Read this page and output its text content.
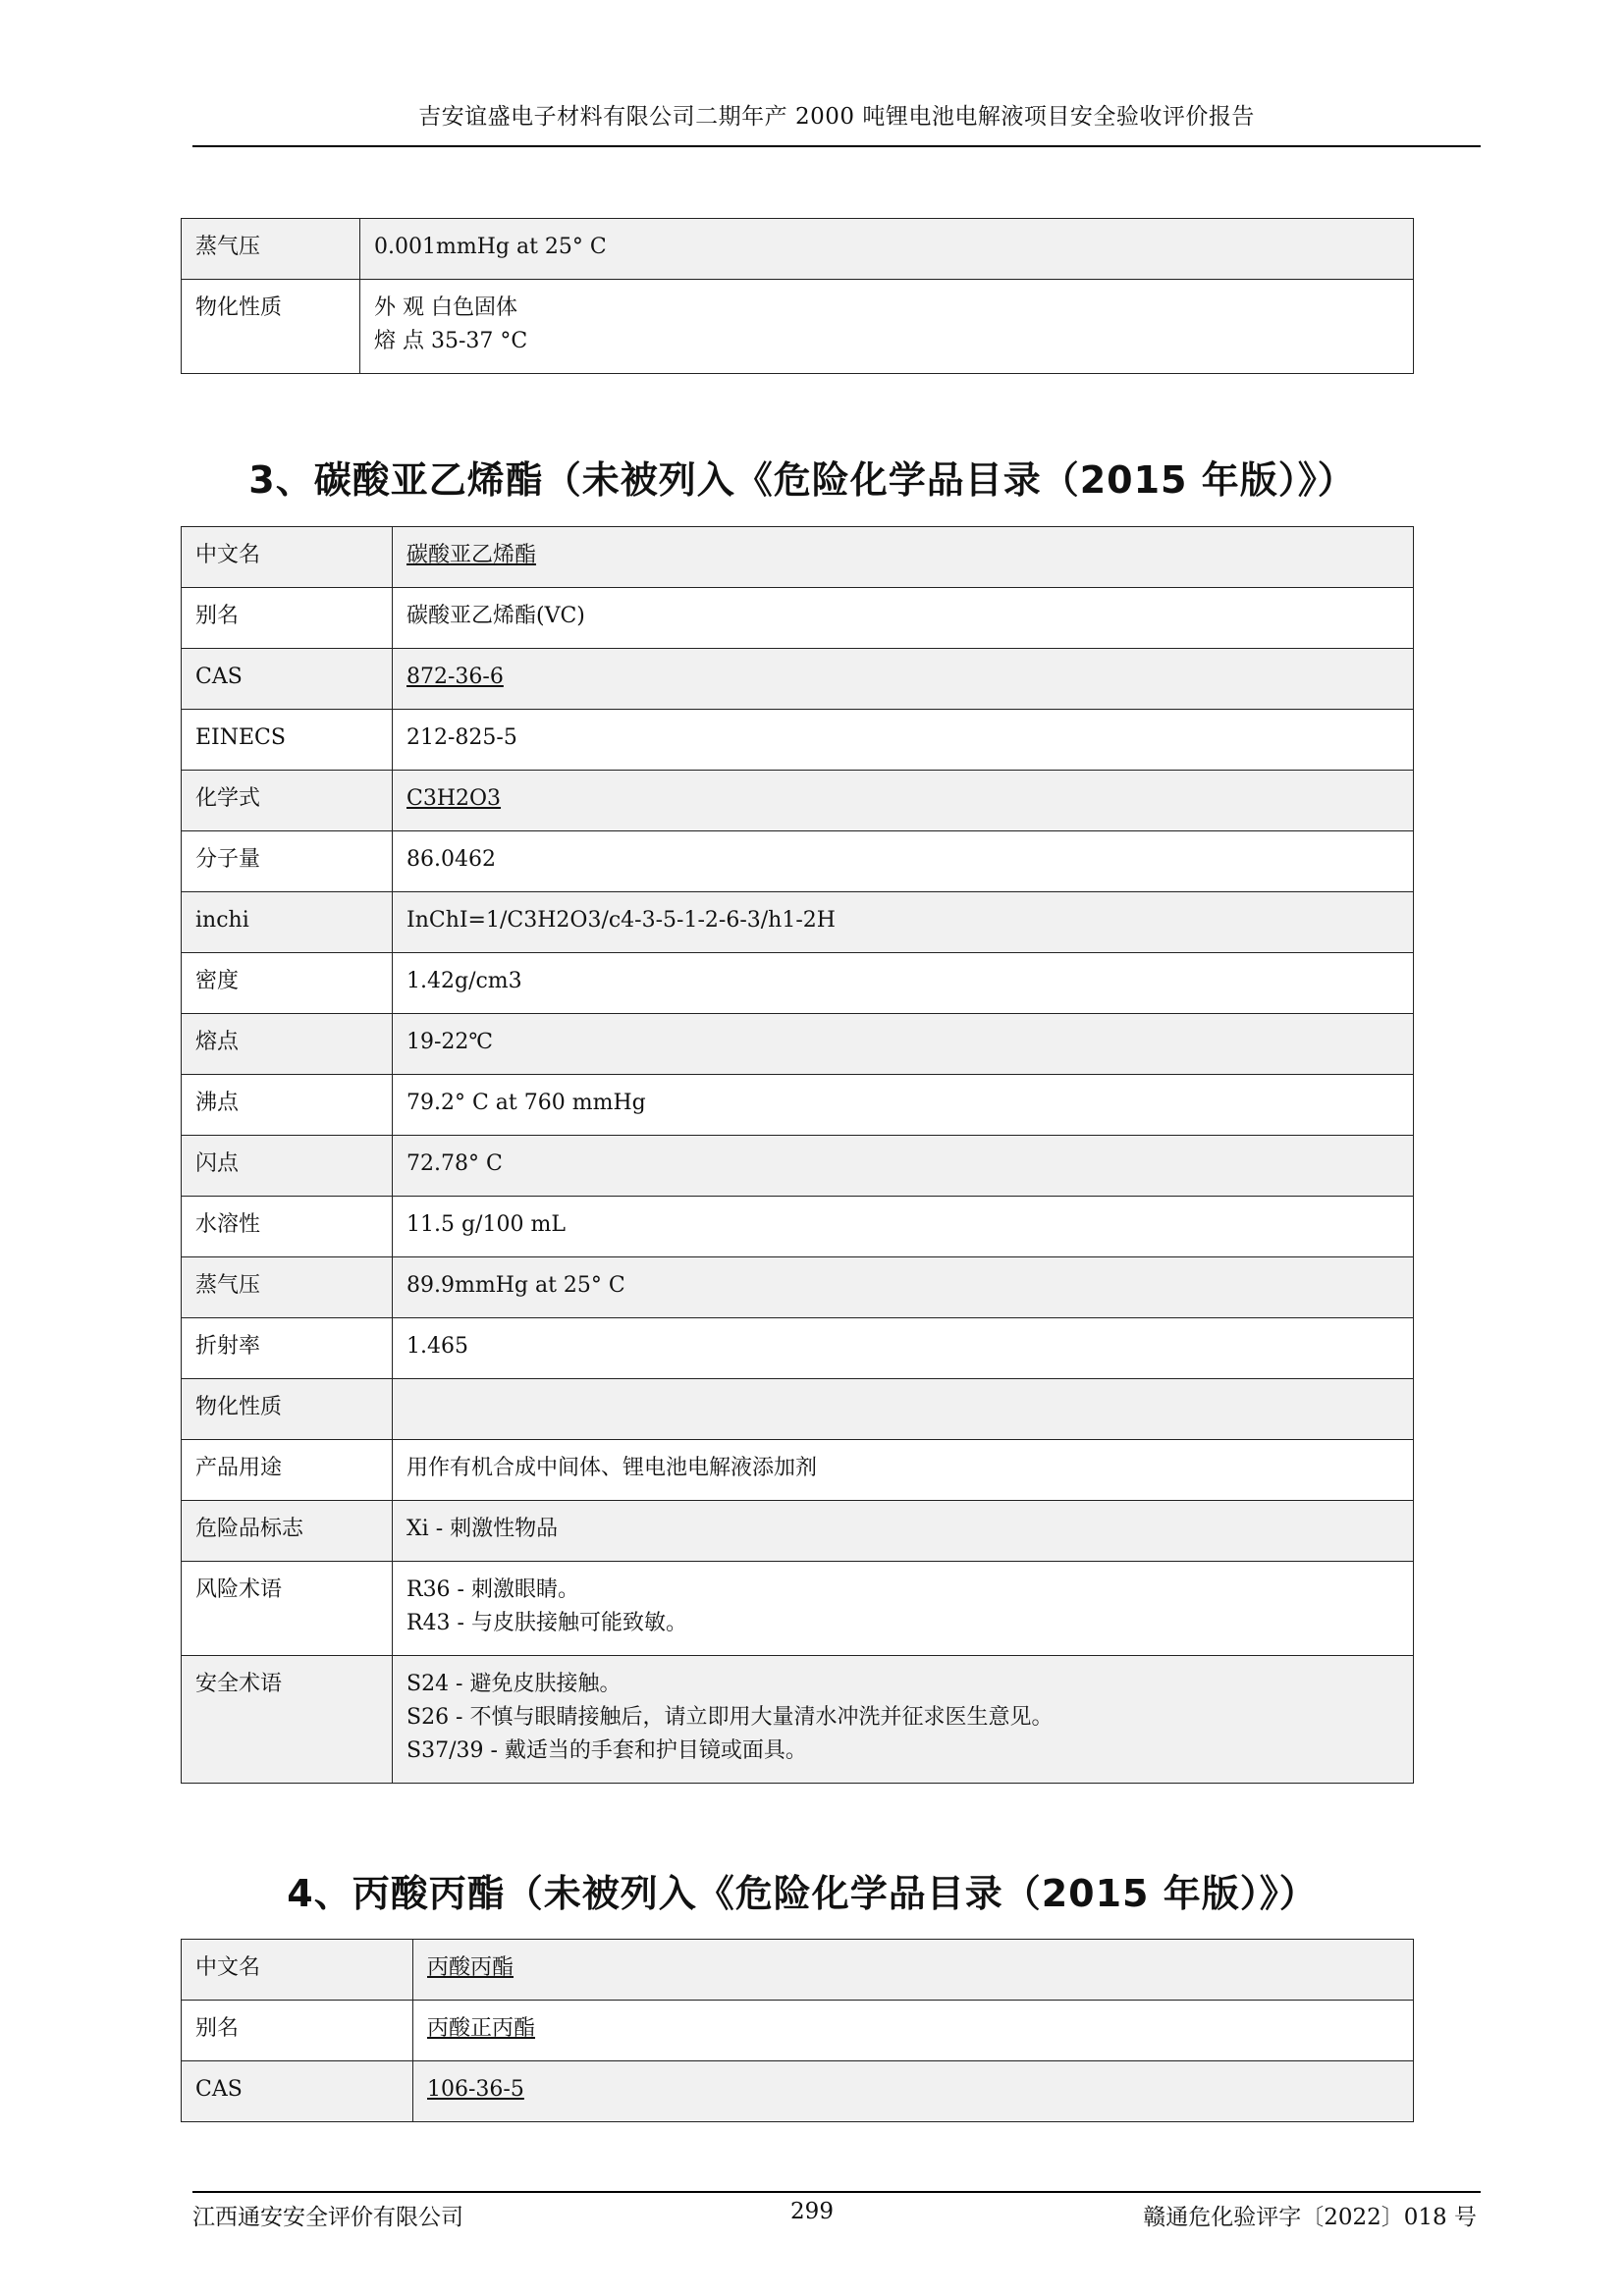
吉安谊盛电子材料有限公司二期年产 2000 吨锂电池电解液项目安全验收评价报告
蒸气压	0.001mmHg at 25° C

物化性质	外 观 白色固体
熔 点 35-37 °C
3、碳酸亚乙烯酯（未被列入《危险化学品目录（2015 年版）》）
中文名	碳酸亚乙烯酯

别名	碳酸亚乙烯酯(VC)

CAS	872-36-6

EINECS	212-825-5

化学式	C3H2O3

分子量	86.0462

inchi	InChI=1/C3H2O3/c4-3-5-1-2-6-3/h1-2H

密度	1.42g/cm3

熔点	19-22℃

沸点	79.2° C at 760 mmHg

闪点	72.78° C

水溶性	11.5 g/100 mL

蒸气压	89.9mmHg at 25° C

折射率	1.465

物化性质	

产品用途	用作有机合成中间体、锂电池电解液添加剂

危险品标志	Xi - 刺激性物品

风险术语	R36 - 刺激眼睛。
R43 - 与皮肤接触可能致敏。

安全术语	S24 - 避免皮肤接触。
S26 - 不慎与眼睛接触后，请立即用大量清水冲洗并征求医生意见。
S37/39 - 戴适当的手套和护目镜或面具。
4、丙酸丙酯（未被列入《危险化学品目录（2015 年版）》）
中文名	丙酸丙酯

别名	丙酸正丙酯

CAS	106-36-5
江西通安安全评价有限公司	299	赣通危化验评字〔2022〕018 号
